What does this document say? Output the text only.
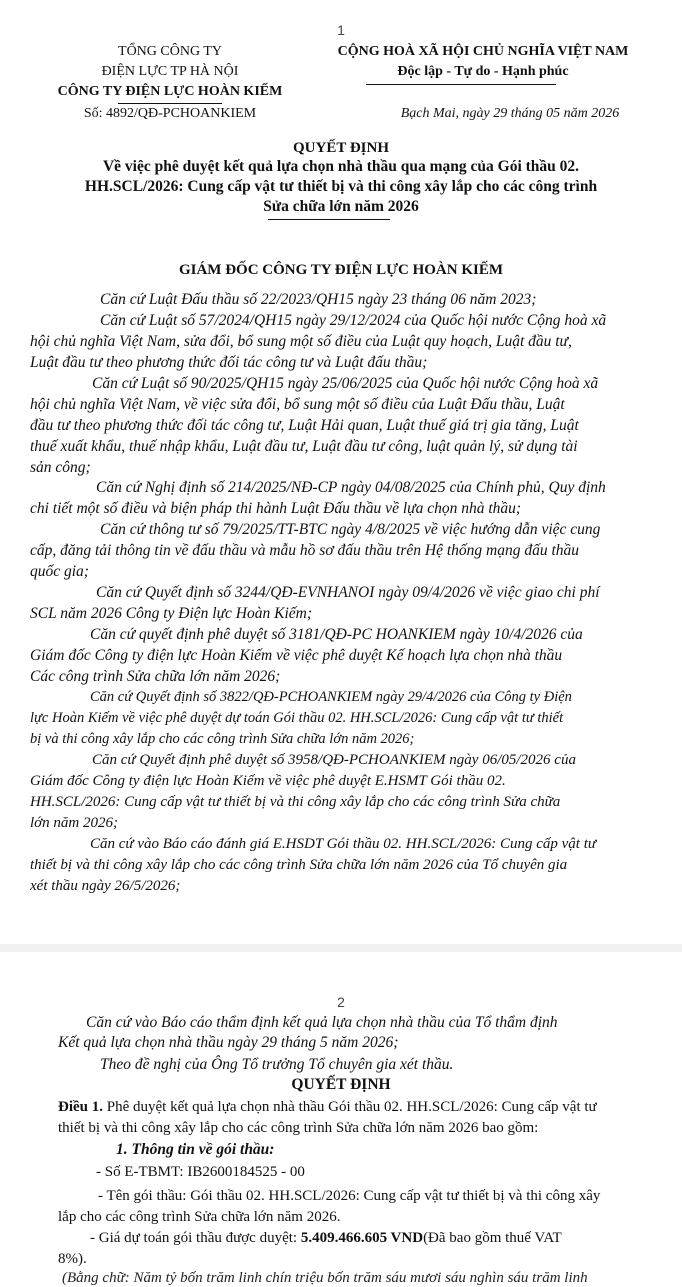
1
TỔNG CÔNG TY
ĐIỆN LỰC TP HÀ NỘI
CÔNG TY ĐIỆN LỰC HOÀN KIẾM
Số: 4892/QĐ-PCHOANKIEM
CỘNG HOÀ XÃ HỘI CHỦ NGHĨA VIỆT NAM
Độc lập - Tự do - Hạnh phúc
Bạch Mai, ngày 29 tháng 05 năm 2026
QUYẾT ĐỊNH
Về việc phê duyệt kết quả lựa chọn nhà thầu qua mạng của Gói thầu 02.
HH.SCL/2026: Cung cấp vật tư thiết bị và thi công xây lắp cho các công trình
Sửa chữa lớn năm 2026
GIÁM ĐỐC CÔNG TY ĐIỆN LỰC HOÀN KIẾM
Căn cứ Luật Đấu thầu số 22/2023/QH15 ngày 23 tháng 06 năm 2023;
Căn cứ Luật số 57/2024/QH15 ngày 29/12/2024 của Quốc hội nước Cộng hoà xã
hội chủ nghĩa Việt Nam, sửa đổi, bổ sung một số điều của Luật quy hoạch, Luật đầu tư,
Luật đầu tư theo phương thức đối tác công tư và Luật đấu thầu;
Căn cứ Luật số 90/2025/QH15 ngày 25/06/2025 của Quốc hội nước Cộng hoà xã
hội chủ nghĩa Việt Nam, về việc sửa đổi, bổ sung một số điều của Luật Đấu thầu, Luật
đầu tư theo phương thức đối tác công tư, Luật Hải quan, Luật thuế giá trị gia tăng, Luật
thuế xuất khẩu, thuế nhập khẩu, Luật đầu tư, Luật đầu tư công, luật quản lý, sử dụng tài
sản công;
Căn cứ Nghị định số 214/2025/NĐ-CP ngày 04/08/2025 của Chính phủ, Quy định
chi tiết một số điều và biện pháp thi hành Luật Đấu thầu về lựa chọn nhà thầu;
Căn cứ thông tư số 79/2025/TT-BTC ngày 4/8/2025 về việc hướng dẫn việc cung
cấp, đăng tải thông tin về đấu thầu và mẫu hồ sơ đấu thầu trên Hệ thống mạng đấu thầu
quốc gia;
Căn cứ Quyết định số 3244/QĐ-EVNHANOI ngày 09/4/2026 về việc giao chi phí
SCL năm 2026 Công ty Điện lực Hoàn Kiếm;
Căn cứ quyết định phê duyệt số 3181/QĐ-PC HOANKIEM ngày 10/4/2026 của
Giám đốc Công ty điện lực Hoàn Kiếm về việc phê duyệt Kế hoạch lựa chọn nhà thầu
Các công trình Sửa chữa lớn năm 2026;
Căn cứ Quyết định số 3822/QĐ-PCHOANKIEM ngày 29/4/2026 của Công ty Điện
lực Hoàn Kiếm về việc phê duyệt dự toán Gói thầu 02. HH.SCL/2026: Cung cấp vật tư thiết
bị và thi công xây lắp cho các công trình Sửa chữa lớn năm 2026;
Căn cứ Quyết định phê duyệt số 3958/QĐ-PCHOANKIEM ngày 06/05/2026 của
Giám đốc Công ty điện lực Hoàn Kiếm về việc phê duyệt E.HSMT Gói thầu 02.
HH.SCL/2026: Cung cấp vật tư thiết bị và thi công xây lắp cho các công trình Sửa chữa
lớn năm 2026;
Căn cứ vào Báo cáo đánh giá E.HSDT Gói thầu 02. HH.SCL/2026: Cung cấp vật tư
thiết bị và thi công xây lắp cho các công trình Sửa chữa lớn năm 2026 của Tổ chuyên gia
xét thầu ngày 26/5/2026;
2
Căn cứ vào Báo cáo thẩm định kết quả lựa chọn nhà thầu của Tổ thẩm định
Kết quả lựa chọn nhà thầu ngày 29 tháng 5 năm 2026;
Theo đề nghị của Ông Tổ trưởng Tổ chuyên gia xét thầu.
QUYẾT ĐỊNH
Điều 1. Phê duyệt kết quả lựa chọn nhà thầu Gói thầu 02. HH.SCL/2026: Cung cấp vật tư
thiết bị và thi công xây lắp cho các công trình Sửa chữa lớn năm 2026 bao gồm:
1. Thông tin về gói thầu:
- Số E-TBMT: IB2600184525 - 00
- Tên gói thầu: Gói thầu 02. HH.SCL/2026: Cung cấp vật tư thiết bị và thi công xây
lắp cho các công trình Sửa chữa lớn năm 2026.
- Giá dự toán gói thầu được duyệt: 5.409.466.605 VND(Đã bao gồm thuế VAT
8%).
(Bằng chữ: Năm tỷ bốn trăm linh chín triệu bốn trăm sáu mươi sáu nghìn sáu trăm linh
